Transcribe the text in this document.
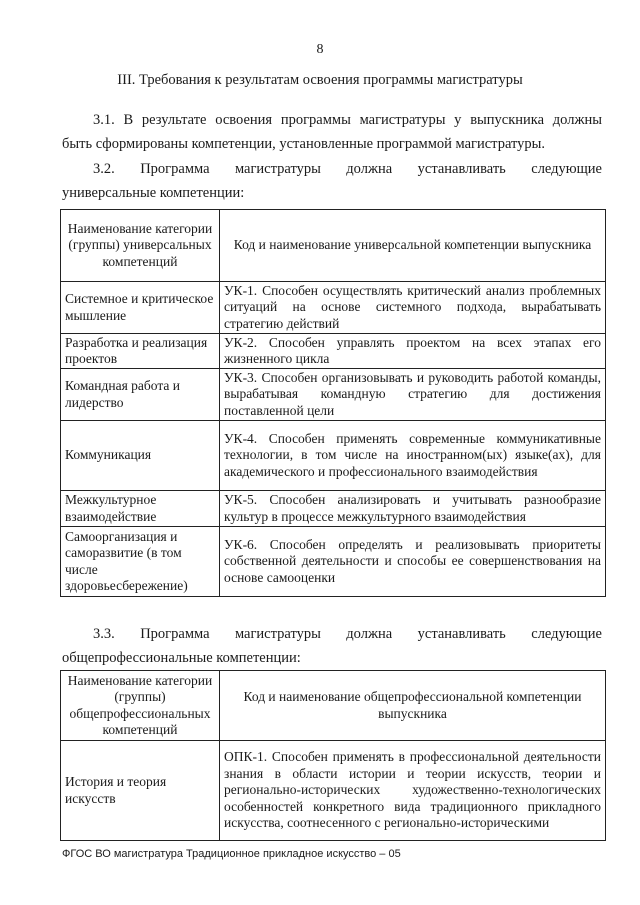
8
III. Требования к результатам освоения программы магистратуры
3.1. В результате освоения программы магистратуры у выпускника должны
быть сформированы компетенции, установленные программой магистратуры.
3.2. Программа магистратуры должна устанавливать следующие
универсальные компетенции:
Наименование категории (группы) универсальных компетенций	Код и наименование универсальной компетенции выпускника
Системное и критическое мышление	УК-1. Способен осуществлять критический анализ проблемных ситуаций на основе системного подхода, вырабатывать стратегию действий
Разработка и реализация проектов	УК-2. Способен управлять проектом на всех этапах его жизненного цикла
Командная работа и лидерство	УК-3. Способен организовывать и руководить работой команды, вырабатывая командную стратегию для достижения поставленной цели
Коммуникация	УК-4. Способен применять современные коммуникативные технологии, в том числе на иностранном(ых) языке(ах), для академического и профессионального взаимодействия
Межкультурное взаимодействие	УК-5. Способен анализировать и учитывать разнообразие культур в процессе межкультурного взаимодействия
Самоорганизация и саморазвитие (в том числе здоровьесбережение)	УК-6. Способен определять и реализовывать приоритеты собственной деятельности и способы ее совершенствования на основе самооценки
3.3. Программа магистратуры должна устанавливать следующие
общепрофессиональные компетенции:
Наименование категории (группы) общепрофессиональных компетенций	Код и наименование общепрофессиональной компетенции выпускника
История и теория искусств	ОПК-1. Способен применять в профессиональной деятельности знания в области истории и теории искусств, теории и регионально-исторических художественно-технологических особенностей конкретного вида традиционного прикладного искусства, соотнесенного с регионально-историческими
ФГОС ВО магистратура Традиционное прикладное искусство – 05
